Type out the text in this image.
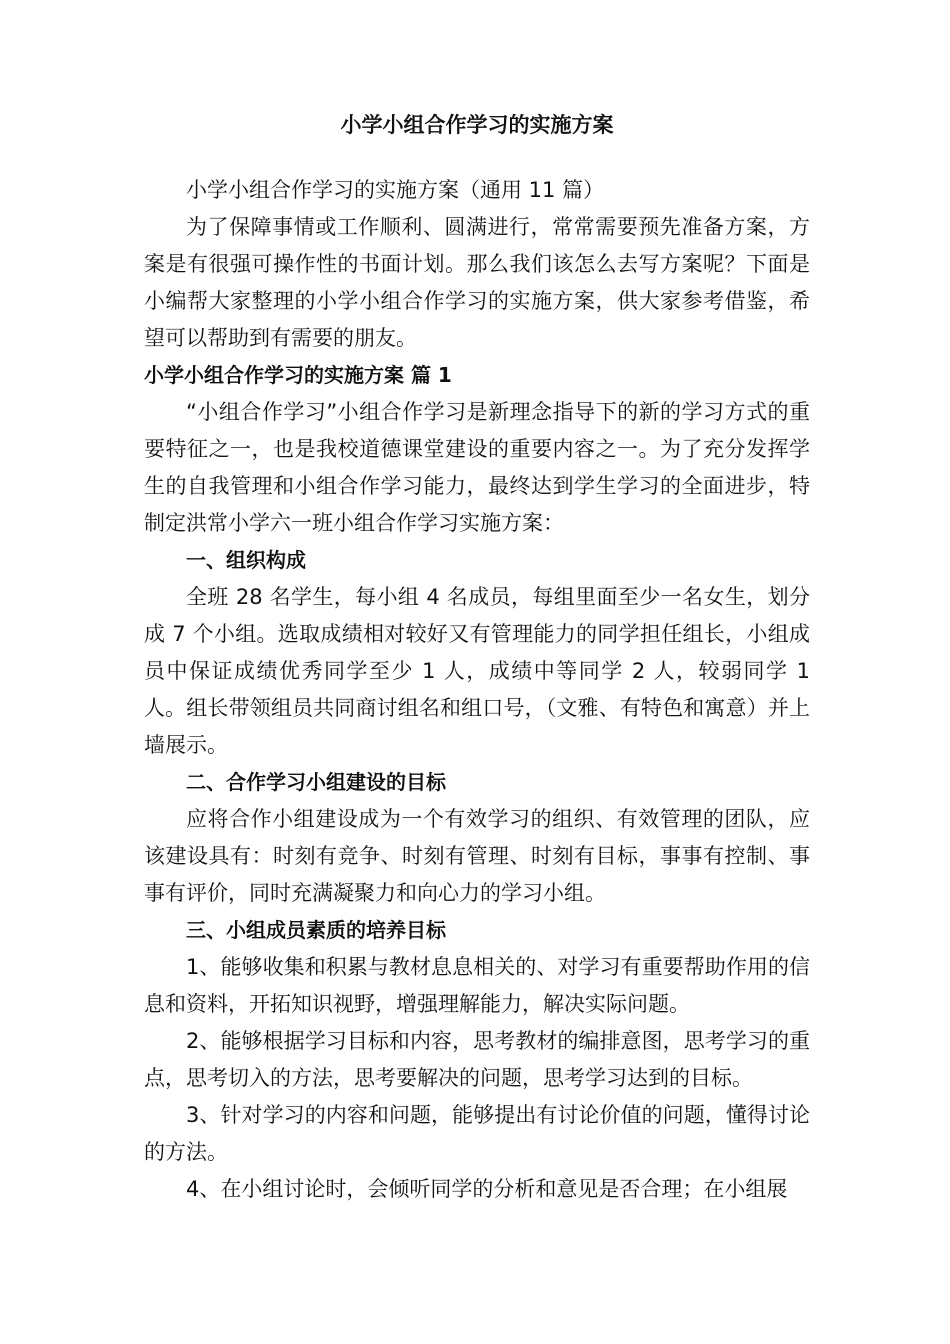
小学小组合作学习的实施方案

小学小组合作学习的实施方案（通用 11 篇）

为了保障事情或工作顺利、圆满进行，常常需要预先准备方案，方案是有很强可操作性的书面计划。那么我们该怎么去写方案呢？下面是小编帮大家整理的小学小组合作学习的实施方案，供大家参考借鉴，希望可以帮助到有需要的朋友。

小学小组合作学习的实施方案 篇 1

“小组合作学习”小组合作学习是新理念指导下的新的学习方式的重要特征之一，也是我校道德课堂建设的重要内容之一。为了充分发挥学生的自我管理和小组合作学习能力，最终达到学生学习的全面进步，特制定洪常小学六一班小组合作学习实施方案：

一、组织构成

全班 28 名学生，每小组 4 名成员，每组里面至少一名女生，划分成 7 个小组。选取成绩相对较好又有管理能力的同学担任组长，小组成员中保证成绩优秀同学至少 1 人，成绩中等同学 2 人，较弱同学 1 人。组长带领组员共同商讨组名和组口号，（文雅、有特色和寓意）并上墙展示。

二、合作学习小组建设的目标

应将合作小组建设成为一个有效学习的组织、有效管理的团队，应该建设具有：时刻有竞争、时刻有管理、时刻有目标，事事有控制、事事有评价，同时充满凝聚力和向心力的学习小组。

三、小组成员素质的培养目标

1、能够收集和积累与教材息息相关的、对学习有重要帮助作用的信息和资料，开拓知识视野，增强理解能力，解决实际问题。

2、能够根据学习目标和内容，思考教材的编排意图，思考学习的重点，思考切入的方法，思考要解决的问题，思考学习达到的目标。

3、针对学习的内容和问题，能够提出有讨论价值的问题，懂得讨论的方法。

4、在小组讨论时，会倾听同学的分析和意见是否合理；在小组展
